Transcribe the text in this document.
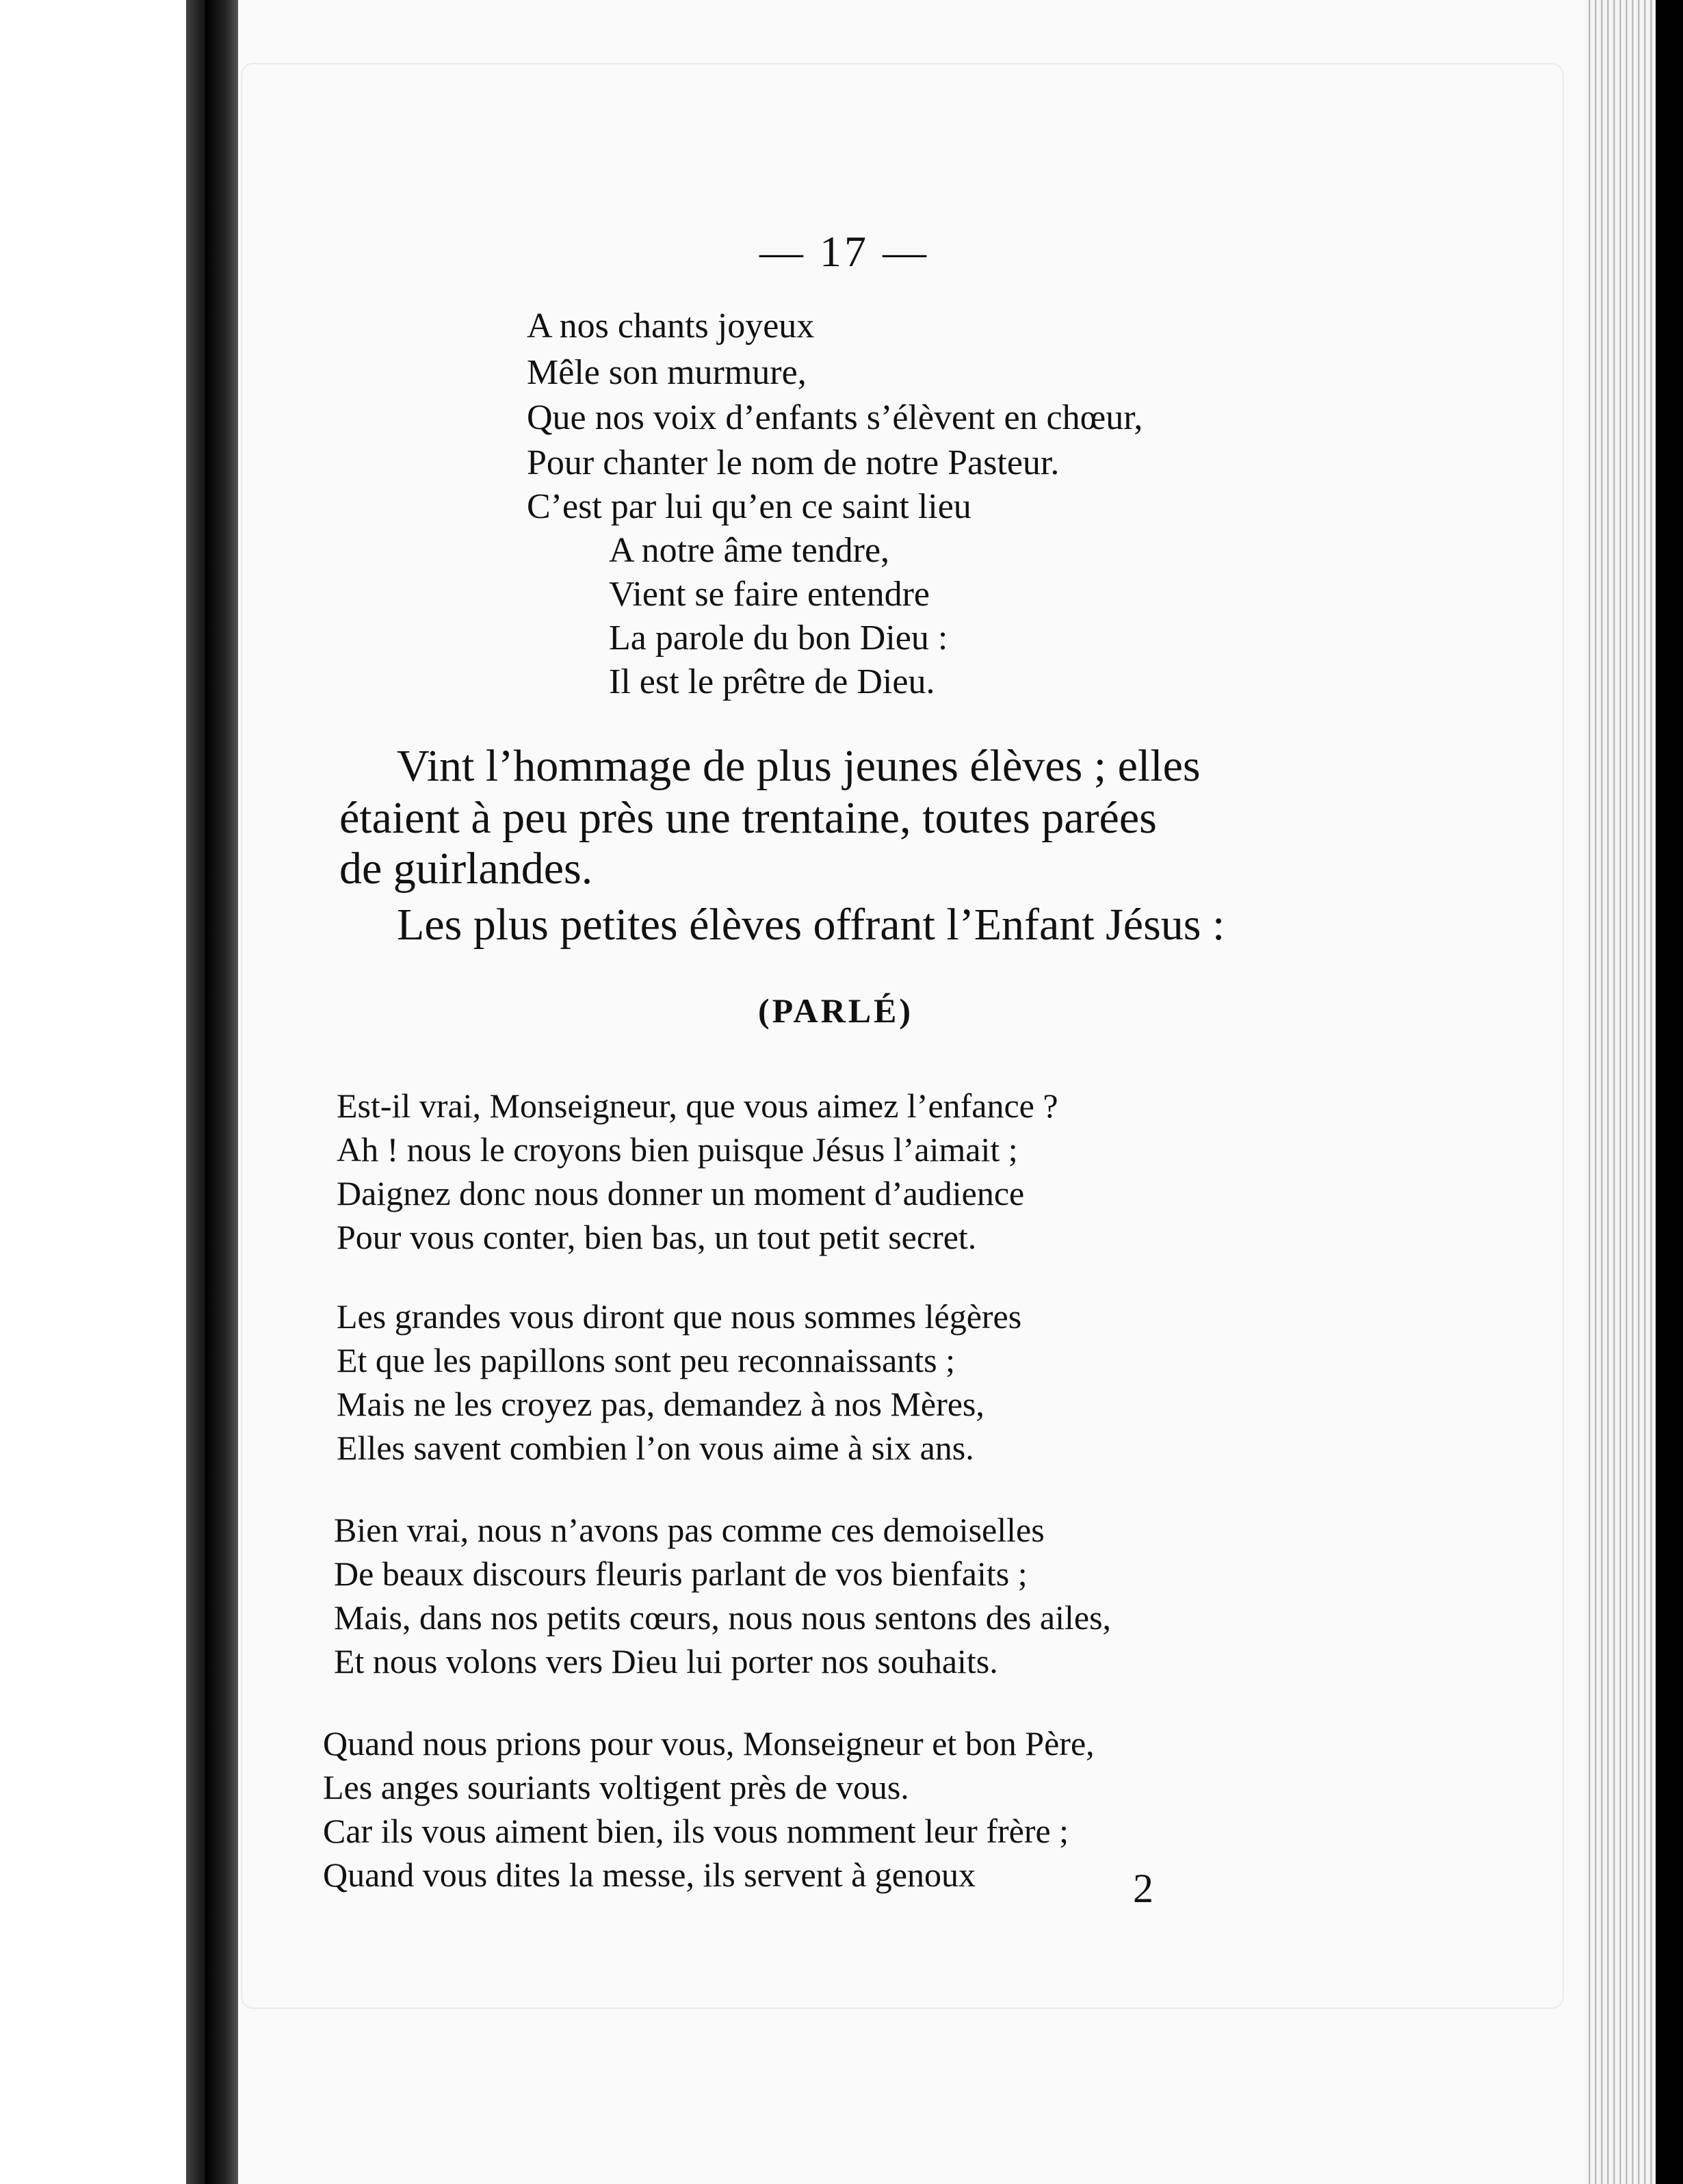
— 17 —
A nos chants joyeux
Mêle son murmure,
Que nos voix d’enfants s’élèvent en chœur,
Pour chanter le nom de notre Pasteur.
C’est par lui qu’en ce saint lieu
A notre âme tendre,
Vient se faire entendre
La parole du bon Dieu :
Il est le prêtre de Dieu.
Vint l’hommage de plus jeunes élèves ; elles
étaient à peu près une trentaine, toutes parées
de guirlandes.
Les plus petites élèves offrant l’Enfant Jésus :
(PARLÉ)
Est-il vrai, Monseigneur, que vous aimez l’enfance ?
Ah ! nous le croyons bien puisque Jésus l’aimait ;
Daignez donc nous donner un moment d’audience
Pour vous conter, bien bas, un tout petit secret.
Les grandes vous diront que nous sommes légères
Et que les papillons sont peu reconnaissants ;
Mais ne les croyez pas, demandez à nos Mères,
Elles savent combien l’on vous aime à six ans.
Bien vrai, nous n’avons pas comme ces demoiselles
De beaux discours fleuris parlant de vos bienfaits ;
Mais, dans nos petits cœurs, nous nous sentons des ailes,
Et nous volons vers Dieu lui porter nos souhaits.
Quand nous prions pour vous, Monseigneur et bon Père,
Les anges souriants voltigent près de vous.
Car ils vous aiment bien, ils vous nomment leur frère ;
Quand vous dites la messe, ils servent à genoux	2
